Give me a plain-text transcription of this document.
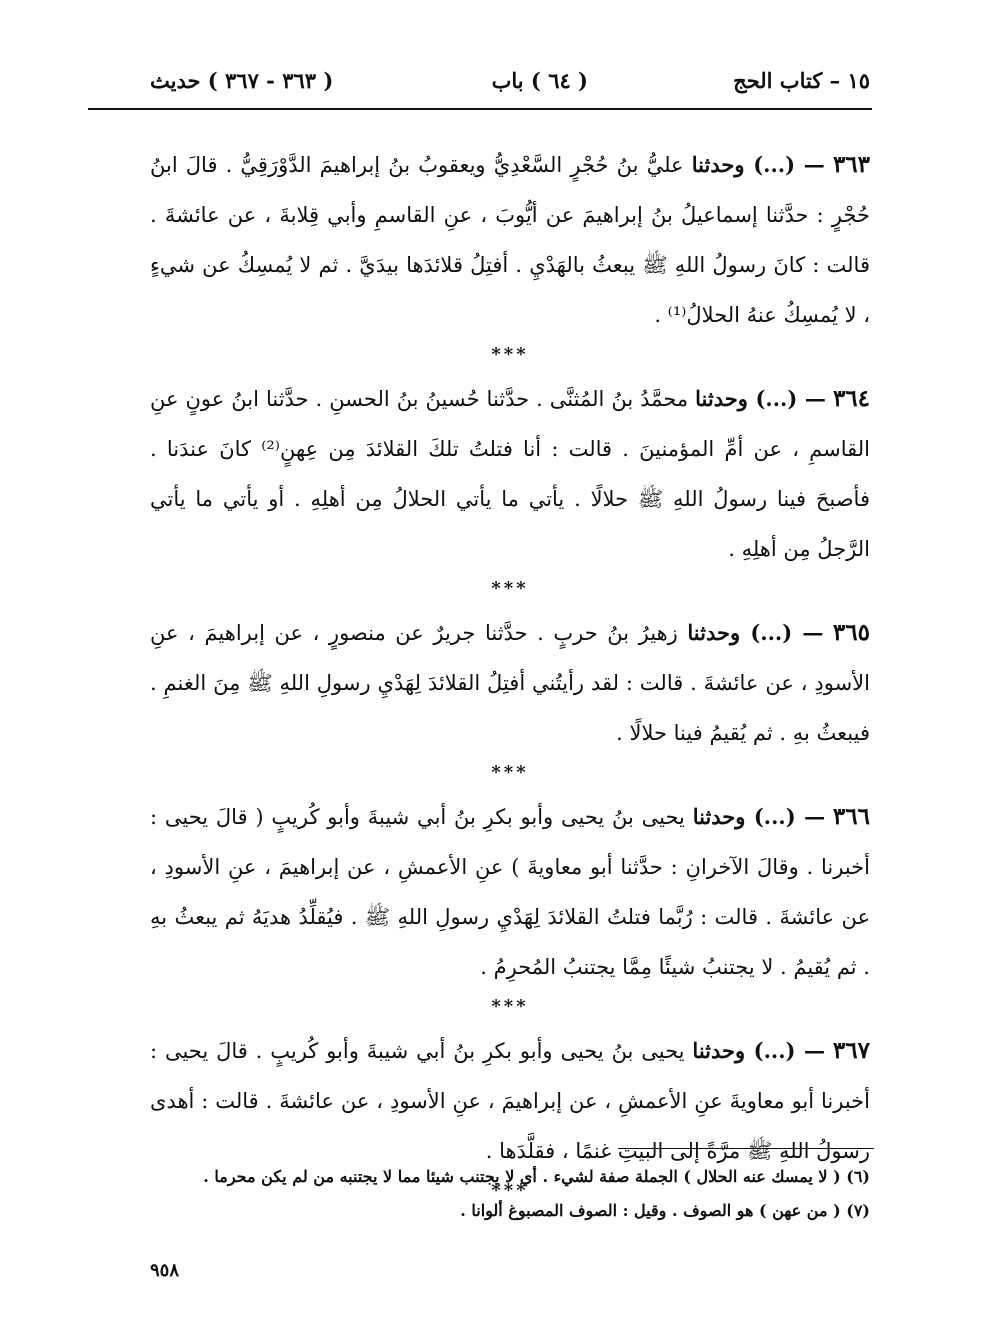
١٥ – كتاب الحج
( ٦٤ ) باب
( ٣٦٣ - ٣٦٧ ) حديث
٣٦٣ — (...) وحدثنا عليُّ بنُ حُجْرٍ السَّعْدِيُّ ويعقوبُ بنُ إبراهيمَ الدَّوْرَقِيُّ . قالَ ابنُ حُجْرٍ : حدَّثنا إسماعيلُ بنُ إبراهيمَ عن أيُّوبَ ، عنِ القاسمِ وأبي قِلابةَ ، عن عائشةَ . قالت : كانَ رسولُ اللهِ ﷺ يبعثُ بالهَدْيِ . أفتِلُ قلائدَها بيدَيَّ . ثم لا يُمسِكُ عن شيءٍ ، لا يُمسِكُ عنهُ الحلالُ⁽¹⁾ .
***
٣٦٤ — (...) وحدثنا محمَّدُ بنُ المُثنَّى . حدَّثنا حُسينُ بنُ الحسنِ . حدَّثنا ابنُ عونٍ عنِ القاسمِ ، عن أمِّ المؤمنينَ . قالت : أنا فتلتُ تلكَ القلائدَ مِن عِهنٍ⁽²⁾ كانَ عندَنا . فأصبحَ فينا رسولُ اللهِ ﷺ حلالًا . يأتي ما يأتي الحلالُ مِن أهلِهِ . أو يأتي ما يأتي الرَّجلُ مِن أهلِهِ .
***
٣٦٥ — (...) وحدثنا زهيرُ بنُ حربٍ . حدَّثنا جريرٌ عن منصورٍ ، عن إبراهيمَ ، عنِ الأسودِ ، عن عائشةَ . قالت : لقد رأيتُني أفتِلُ القلائدَ لِهَدْيِ رسولِ اللهِ ﷺ مِنَ الغنمِ . فيبعثُ بهِ . ثم يُقيمُ فينا حلالًا .
***
٣٦٦ — (...) وحدثنا يحيى بنُ يحيى وأبو بكرِ بنُ أبي شيبةَ وأبو كُريبٍ ( قالَ يحيى : أخبرنا . وقالَ الآخرانِ : حدَّثنا أبو معاويةَ ) عنِ الأعمشِ ، عن إبراهيمَ ، عنِ الأسودِ ، عن عائشةَ . قالت : رُبَّما فتلتُ القلائدَ لِهَدْيِ رسولِ اللهِ ﷺ . فيُقلِّدُ هديَهُ ثم يبعثُ بهِ . ثم يُقيمُ . لا يجتنبُ شيئًا مِمَّا يجتنبُ المُحرِمُ .
***
٣٦٧ — (...) وحدثنا يحيى بنُ يحيى وأبو بكرِ بنُ أبي شيبةَ وأبو كُريبٍ . قالَ يحيى : أخبرنا أبو معاويةَ عنِ الأعمشِ ، عن إبراهيمَ ، عنِ الأسودِ ، عن عائشةَ . قالت : أهدى رسولُ اللهِ ﷺ مرَّةً إلى البيتِ غنمًا ، فقلَّدَها .
***
(٦) ( لا يمسك عنه الحلال ) الجملة صفة لشيء . أي لا يجتنب شيئا مما لا يجتنبه من لم يكن محرما .
(٧) ( من عهن ) هو الصوف . وقيل : الصوف المصبوغ ألوانا .
٩٥٨
